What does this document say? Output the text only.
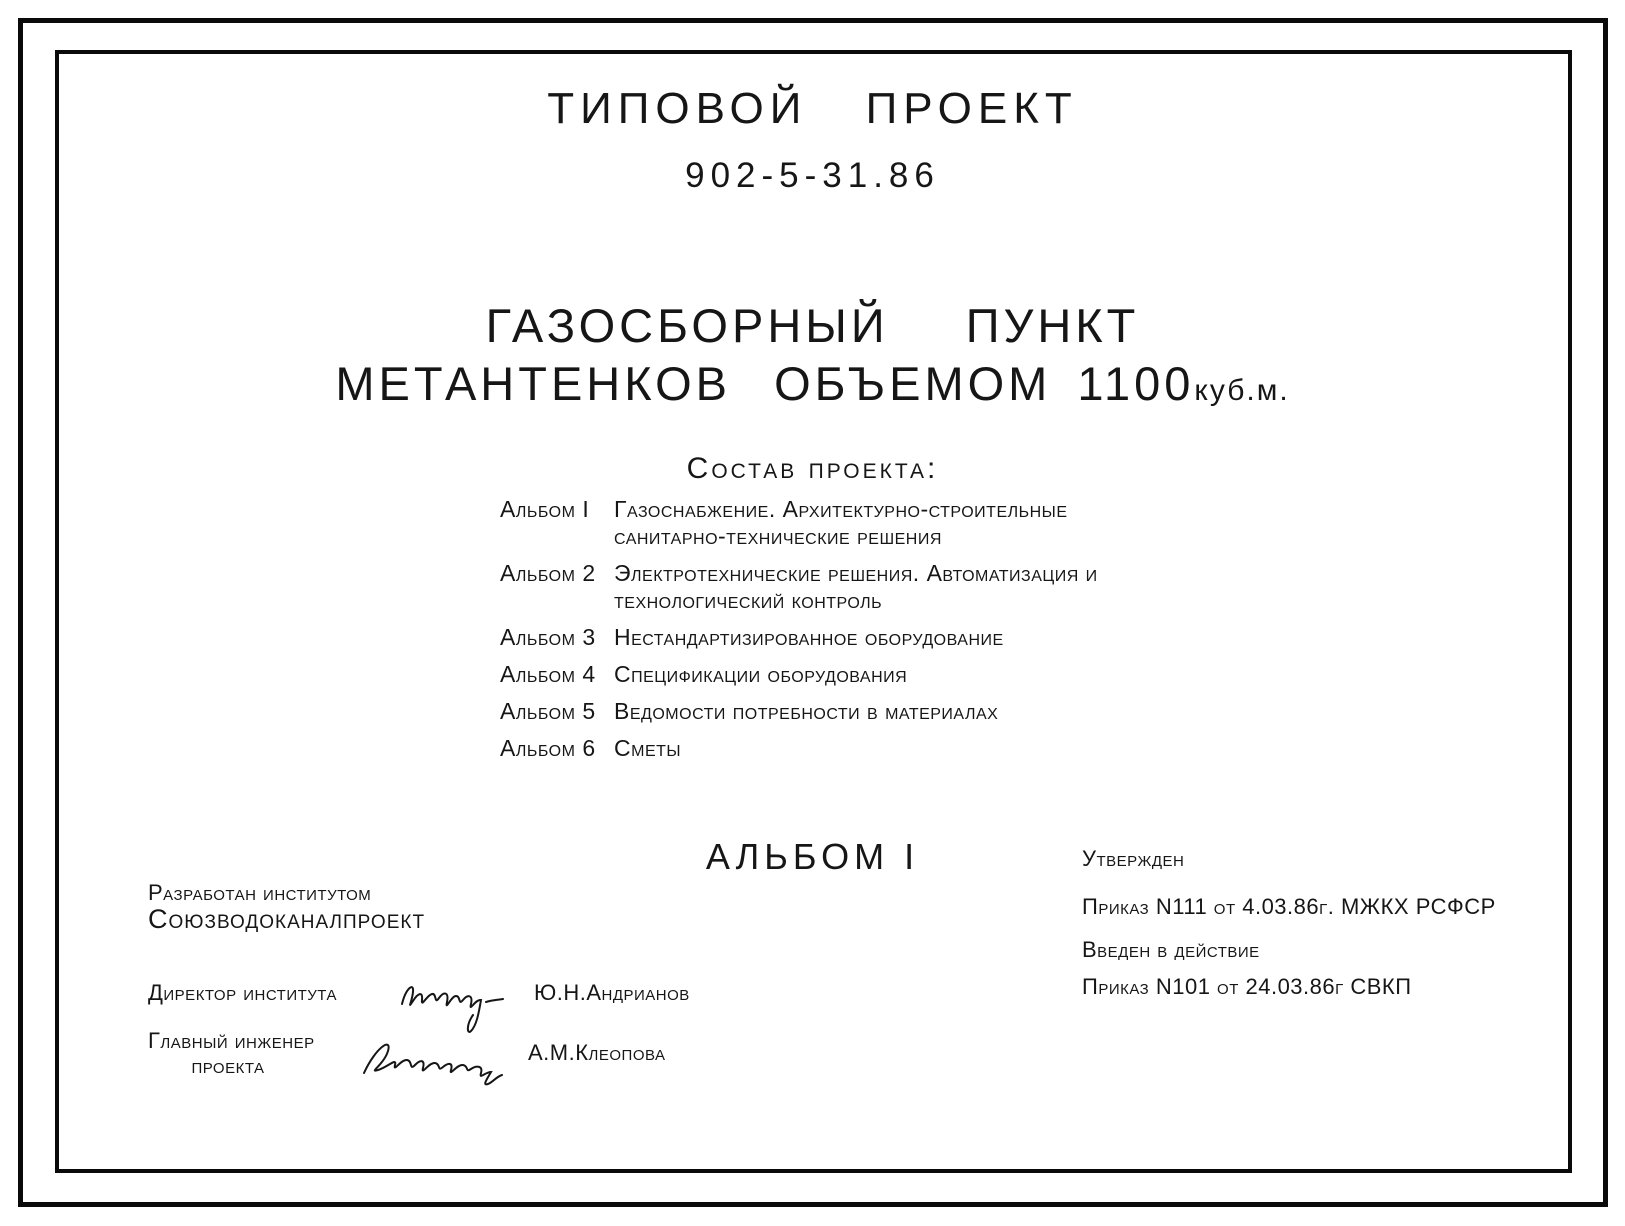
ТИПОВОЙ ПРОЕКТ
902-5-31.86
ГАЗОСБОРНЫЙ ПУНКТ
МЕТАНТЕНКОВ ОБЪЕМОМ 1100куб.м.
Состав проекта:
Альбом I	Газоснабжение. Архитектурно-строительные санитарно-технические решения
Альбом 2 Электротехнические решения. Автоматизация и технологический контроль
Альбом 3 Нестандартизированное оборудование
Альбом 4 Спецификации оборудования
Альбом 5 Ведомости потребности в материалах
Альбом 6 Сметы
АЛЬБОМ I	Утвержден
Приказ N111 от 4.03.86г. МЖКХ РСФСР
Введен в действие
Приказ N101 от 24.03.86г СВКП
Разработан институтом
Союзводоканалпроект
Директор института	Ю.Н.Андрианов
Главный инженер
проекта
А.М.Клеопова
